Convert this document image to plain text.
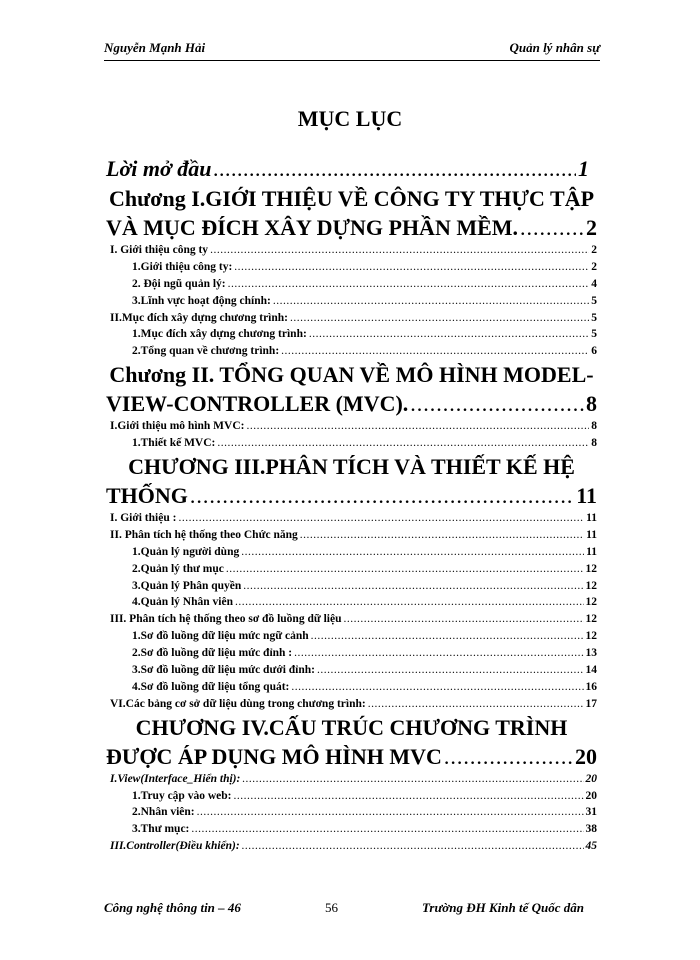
Nguyễn Mạnh Hải	Quản lý nhân sự
MỤC LỤC
Lời mở đầu .....	1
Chương I.GIỚI THIỆU VỀ CÔNG TY THỰC TẬP
VÀ MỤC ĐÍCH XÂY DỰNG PHẦN MỀM. .....	2
I. Giới thiệu công ty .....	2
1.Giới thiệu công ty: .....	2
2. Đội ngũ quản lý: .....	4
3.Lĩnh vực hoạt động chính: .....	5
II.Mục đích xây dựng chương trình: .....	5
1.Mục đích xây dựng chương trình: .....	5
2.Tổng quan về chương trình: .....	6
Chương II. TỔNG QUAN VỀ MÔ HÌNH MODEL-
VIEW-CONTROLLER (MVC). .....	8
I.Giới thiệu mô hình MVC: .....	8
1.Thiết kế MVC: .....	8
CHƯƠNG III.PHÂN TÍCH VÀ THIẾT KẾ HỆ
THỐNG .....	11
I. Giới thiệu : .....	11
II. Phân tích hệ thống theo Chức năng .....	11
1.Quản lý người dùng .....	11
2.Quản lý thư mục .....	12
3.Quản lý Phân quyền .....	12
4.Quản lý Nhân viên .....	12
III. Phân tích hệ thống theo sơ đồ luồng dữ liệu .....	12
1.Sơ đồ luồng dữ liệu mức ngữ cảnh .....	12
2.Sơ đồ luồng dữ liệu mức đỉnh : .....	13
3.Sơ đồ luồng dữ liệu mức dưới đỉnh: .....	14
4.Sơ đồ luồng dữ liệu tổng quát: .....	16
VI.Các bảng cơ sở dữ liệu dùng trong chương trình: .....	17
CHƯƠNG IV.CẤU TRÚC CHƯƠNG TRÌNH
ĐƯỢC ÁP DỤNG MÔ HÌNH MVC .....	20
I.View(Interface_Hiển thị): .....	20
1.Truy cập vào web: .....	20
2.Nhân viên: .....	31
3.Thư mục: .....	38
III.Controller(Điều khiển): .....	45
Công nghệ thông tin – 46	56	Trường ĐH Kinh tế Quốc dân
